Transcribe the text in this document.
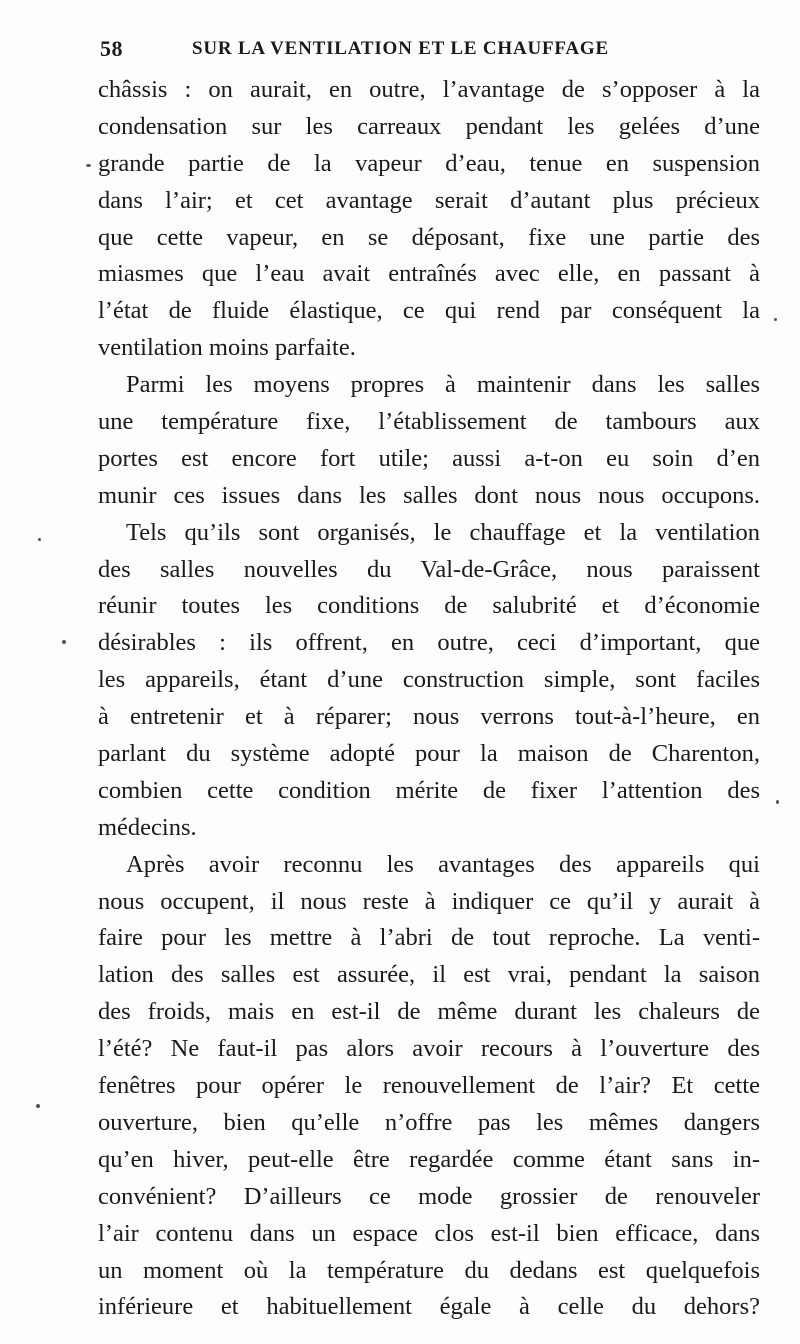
58	SUR LA VENTILATION ET LE CHAUFFAGE
châssis : on aurait, en outre, l’avantage de s’opposer à la
condensation sur les carreaux pendant les gelées d’une
grande partie de la vapeur d’eau, tenue en suspension
dans l’air; et cet avantage serait d’autant plus précieux
que cette vapeur, en se déposant, fixe une partie des
miasmes que l’eau avait entraînés avec elle, en passant à
l’état de fluide élastique, ce qui rend par conséquent la
ventilation moins parfaite.
Parmi les moyens propres à maintenir dans les salles
une température fixe, l’établissement de tambours aux
portes est encore fort utile; aussi a-t-on eu soin d’en
munir ces issues dans les salles dont nous nous occupons.
Tels qu’ils sont organisés, le chauffage et la ventilation
des salles nouvelles du Val-de-Grâce, nous paraissent
réunir toutes les conditions de salubrité et d’économie
désirables : ils offrent, en outre, ceci d’important, que
les appareils, étant d’une construction simple, sont faciles
à entretenir et à réparer; nous verrons tout-à-l’heure, en
parlant du système adopté pour la maison de Charenton,
combien cette condition mérite de fixer l’attention des
médecins.
Après avoir reconnu les avantages des appareils qui
nous occupent, il nous reste à indiquer ce qu’il y aurait à
faire pour les mettre à l’abri de tout reproche. La venti-
lation des salles est assurée, il est vrai, pendant la saison
des froids, mais en est-il de même durant les chaleurs de
l’été? Ne faut-il pas alors avoir recours à l’ouverture des
fenêtres pour opérer le renouvellement de l’air? Et cette
ouverture, bien qu’elle n’offre pas les mêmes dangers
qu’en hiver, peut-elle être regardée comme étant sans in-
convénient? D’ailleurs ce mode grossier de renouveler
l’air contenu dans un espace clos est-il bien efficace, dans
un moment où la température du dedans est quelquefois
inférieure et habituellement égale à celle du dehors?
